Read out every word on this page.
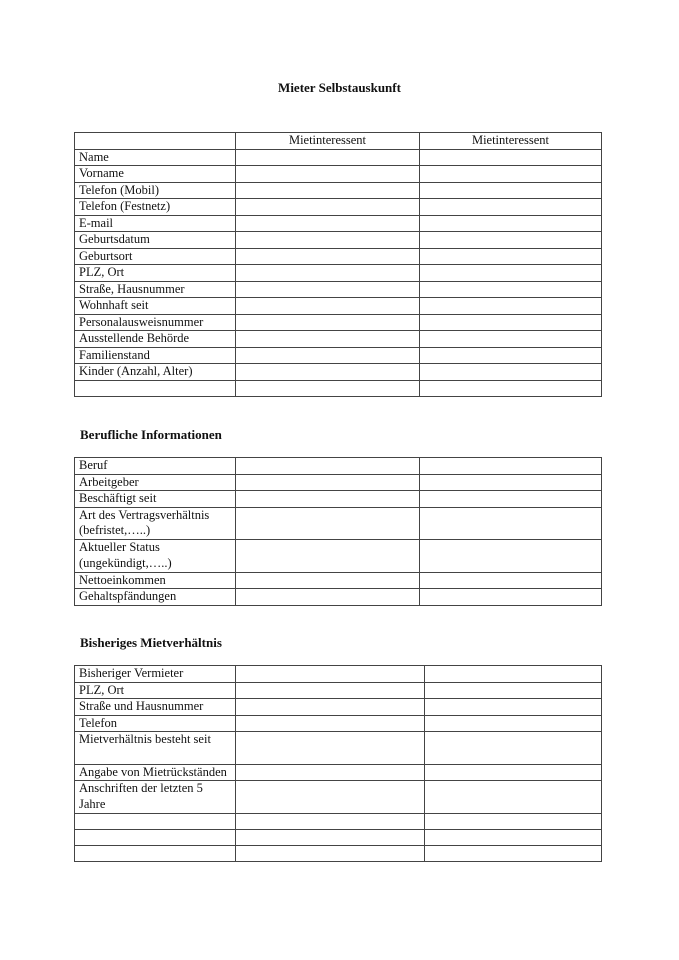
Mieter Selbstauskunft
	Mietinteressent	Mietinteressent
Name		
Vorname		
Telefon (Mobil)		
Telefon (Festnetz)		
E-mail		
Geburtsdatum		
Geburtsort		
PLZ, Ort		
Straße, Hausnummer		
Wohnhaft seit		
Personalausweisnummer		
Ausstellende Behörde		
Familienstand		
Kinder (Anzahl, Alter)		

Berufliche Informationen
Beruf		
Arbeitgeber		
Beschäftigt seit		
Art des Vertragsverhältnis (befristet,…..)		
Aktueller Status (ungekündigt,…..)		
Nettoeinkommen		
Gehaltspfändungen		
Bisheriges Mietverhältnis
Bisheriger Vermieter		
PLZ, Ort		
Straße und Hausnummer		
Telefon		
Mietverhältnis besteht seit		
Angabe von Mietrückständen		
Anschriften der letzten 5 Jahre		
